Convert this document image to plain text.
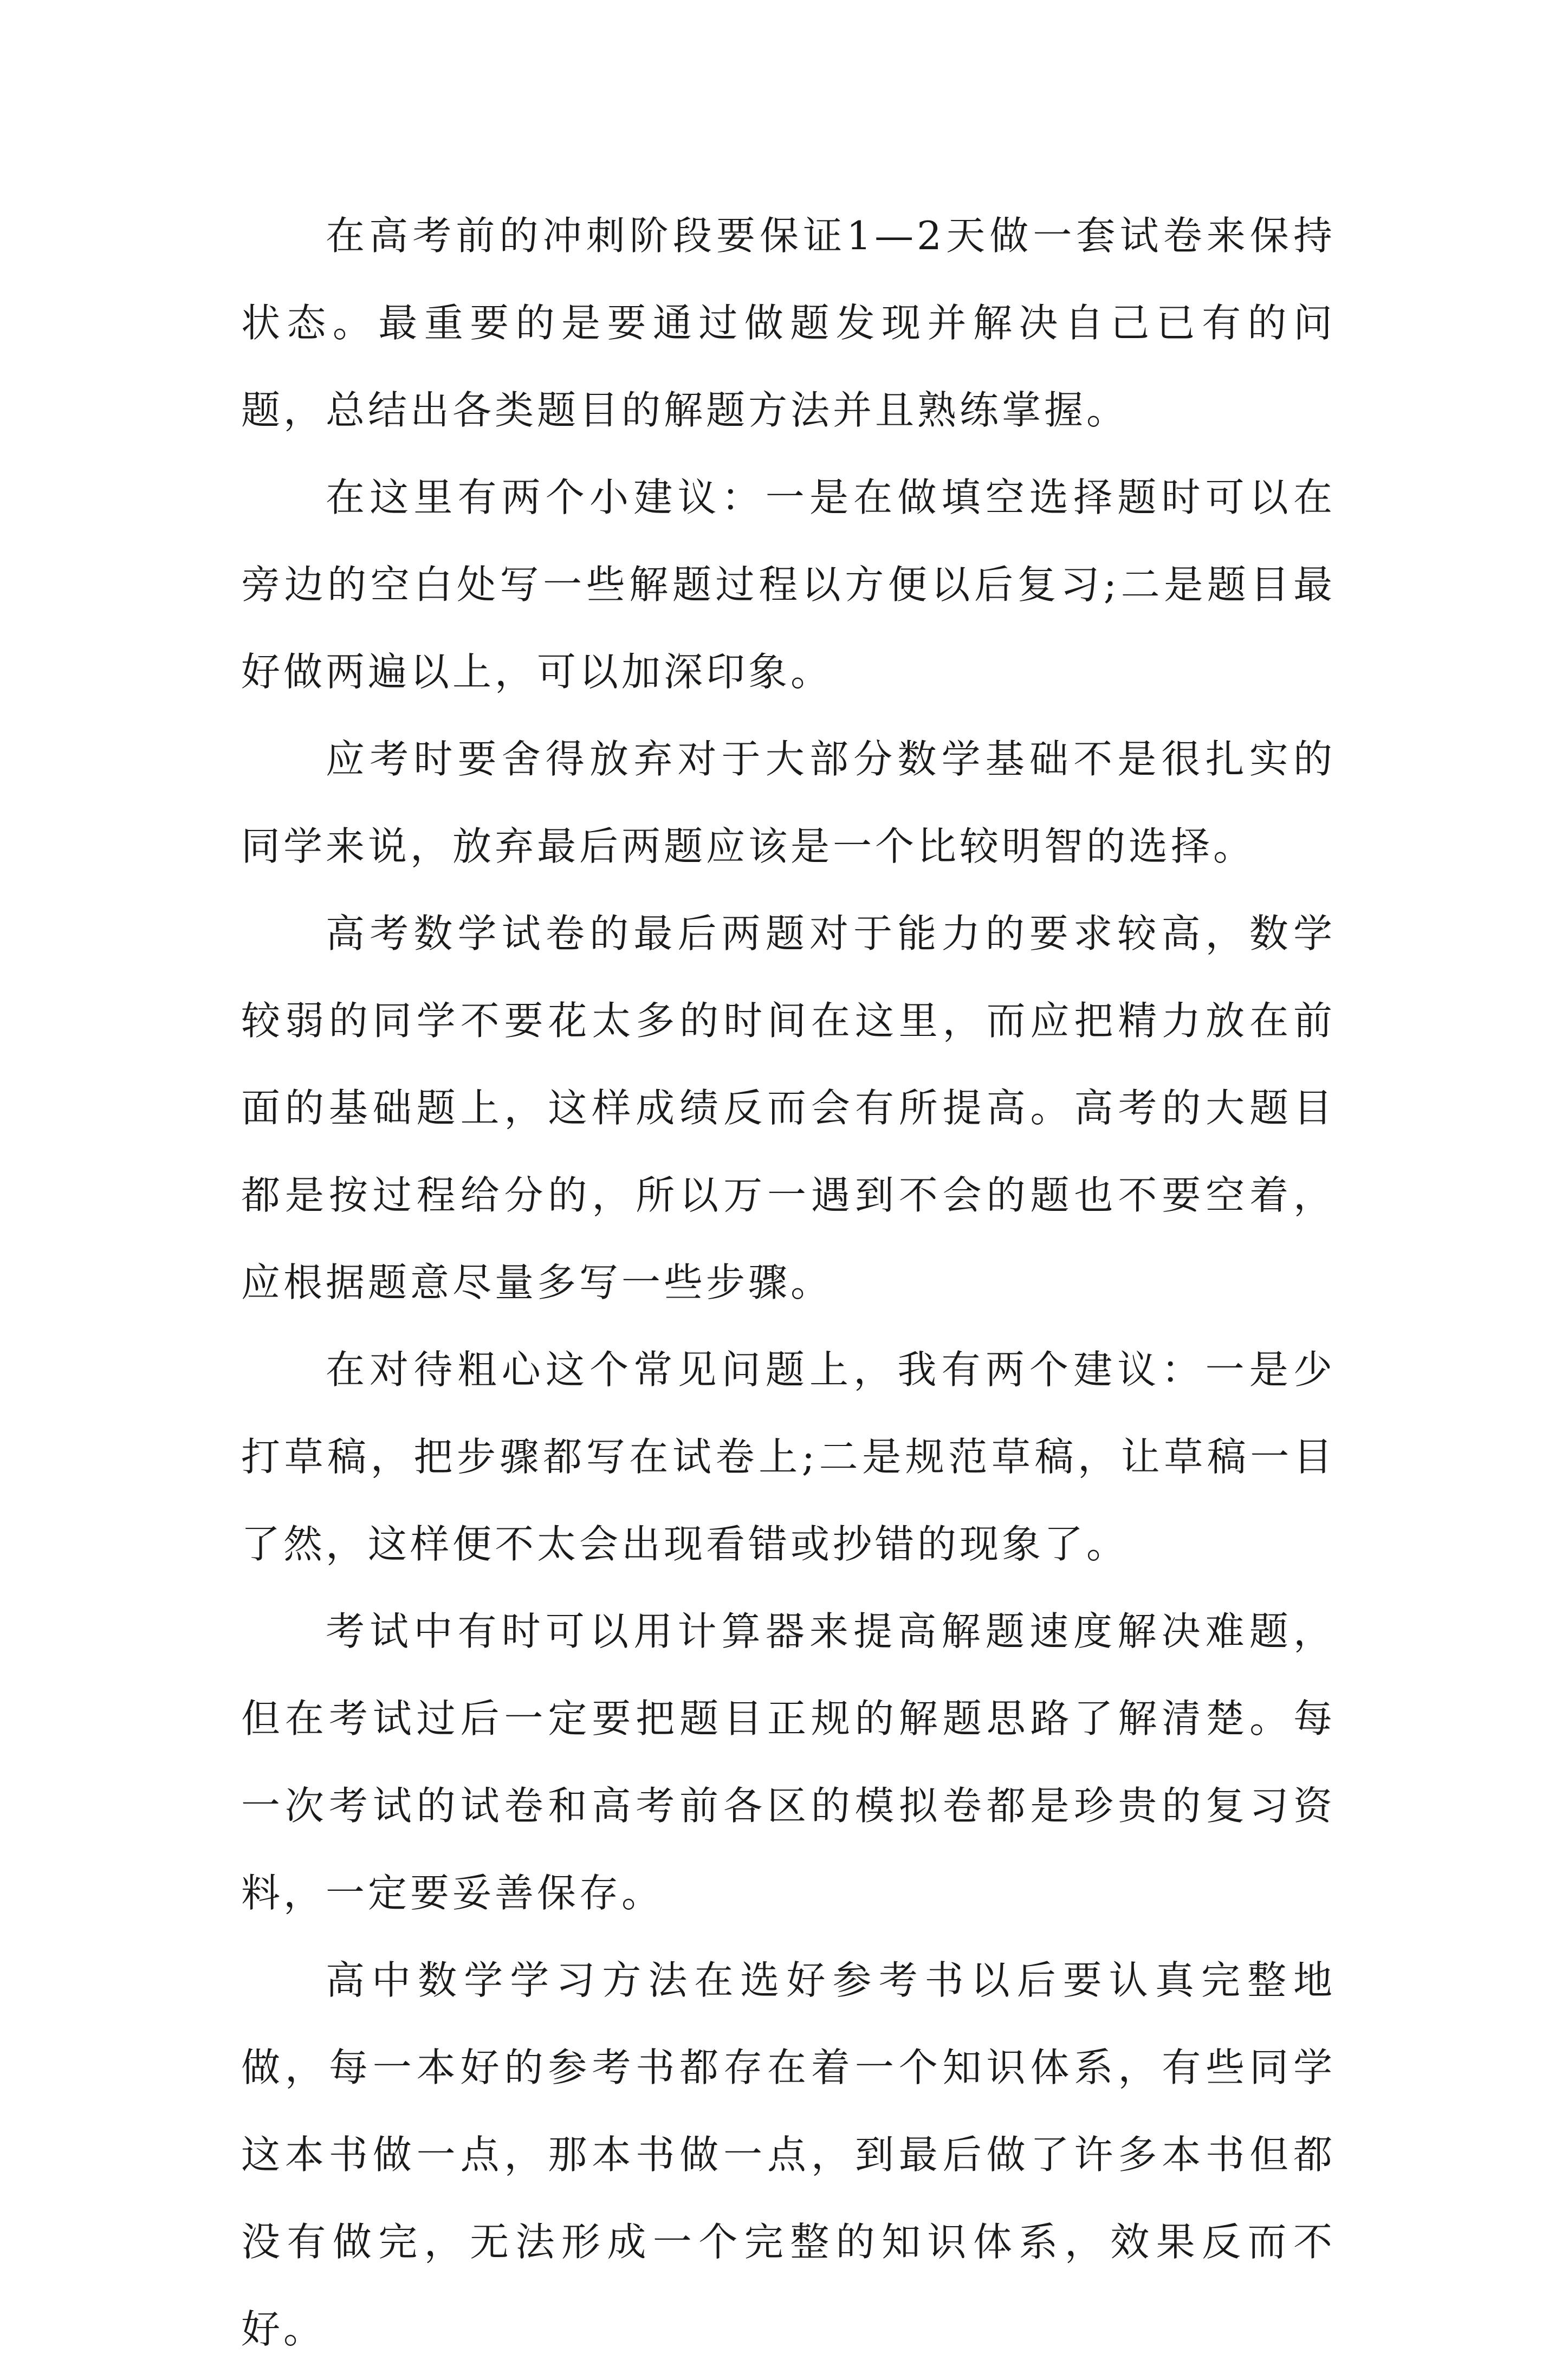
在高考前的冲刺阶段要保证1—2天做一套试卷来保持状态。最重要的是要通过做题发现并解决自己已有的问题，总结出各类题目的解题方法并且熟练掌握。

在这里有两个小建议：一是在做填空选择题时可以在旁边的空白处写一些解题过程以方便以后复习;二是题目最好做两遍以上，可以加深印象。

应考时要舍得放弃对于大部分数学基础不是很扎实的同学来说，放弃最后两题应该是一个比较明智的选择。

高考数学试卷的最后两题对于能力的要求较高，数学较弱的同学不要花太多的时间在这里，而应把精力放在前面的基础题上，这样成绩反而会有所提高。高考的大题目都是按过程给分的，所以万一遇到不会的题也不要空着，应根据题意尽量多写一些步骤。

在对待粗心这个常见问题上，我有两个建议：一是少打草稿，把步骤都写在试卷上;二是规范草稿，让草稿一目了然，这样便不太会出现看错或抄错的现象了。

考试中有时可以用计算器来提高解题速度解决难题，但在考试过后一定要把题目正规的解题思路了解清楚。每一次考试的试卷和高考前各区的模拟卷都是珍贵的复习资料，一定要妥善保存。

高中数学学习方法在选好参考书以后要认真完整地做，每一本好的参考书都存在着一个知识体系，有些同学这本书做一点，那本书做一点，到最后做了许多本书但都没有做完，无法形成一个完整的知识体系，效果反而不好。
